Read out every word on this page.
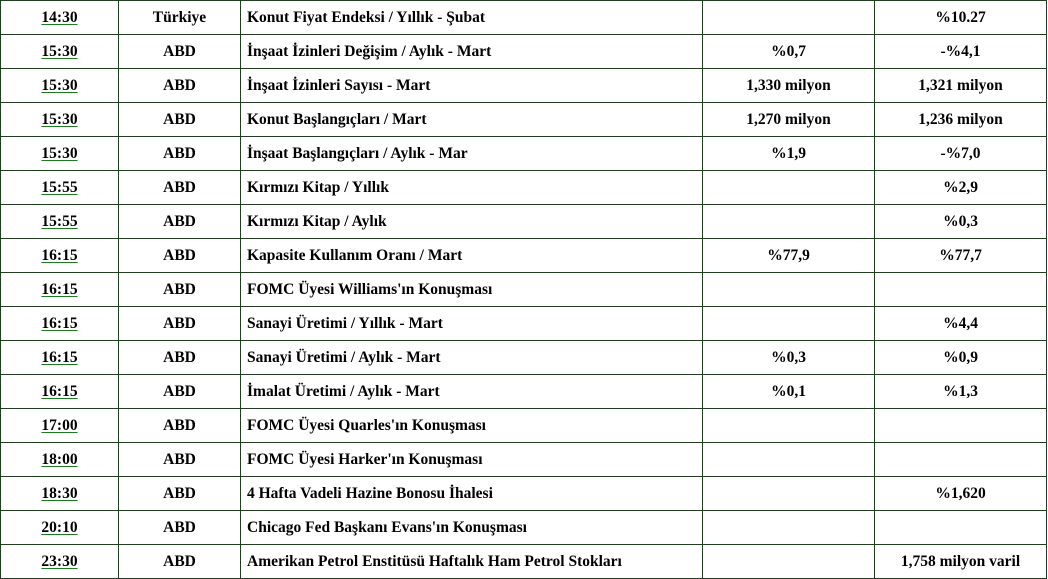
14:30	Türkiye	Konut Fiyat Endeksi / Yıllık - Şubat		%10.27
15:30	ABD	İnşaat İzinleri Değişim / Aylık - Mart	%0,7	-%4,1
15:30	ABD	İnşaat İzinleri Sayısı - Mart	1,330 milyon	1,321 milyon
15:30	ABD	Konut Başlangıçları / Mart	1,270 milyon	1,236 milyon
15:30	ABD	İnşaat Başlangıçları / Aylık - Mar	%1,9	-%7,0
15:55	ABD	Kırmızı Kitap / Yıllık		%2,9
15:55	ABD	Kırmızı Kitap / Aylık		%0,3
16:15	ABD	Kapasite Kullanım Oranı / Mart	%77,9	%77,7
16:15	ABD	FOMC Üyesi Williams'ın Konuşması		
16:15	ABD	Sanayi Üretimi / Yıllık - Mart		%4,4
16:15	ABD	Sanayi Üretimi / Aylık - Mart	%0,3	%0,9
16:15	ABD	İmalat Üretimi / Aylık - Mart	%0,1	%1,3
17:00	ABD	FOMC Üyesi Quarles'ın Konuşması		
18:00	ABD	FOMC Üyesi Harker'ın Konuşması		
18:30	ABD	4 Hafta Vadeli Hazine Bonosu İhalesi		%1,620
20:10	ABD	Chicago Fed Başkanı Evans'ın Konuşması		
23:30	ABD	Amerikan Petrol Enstitüsü Haftalık Ham Petrol Stokları		1,758 milyon varil
